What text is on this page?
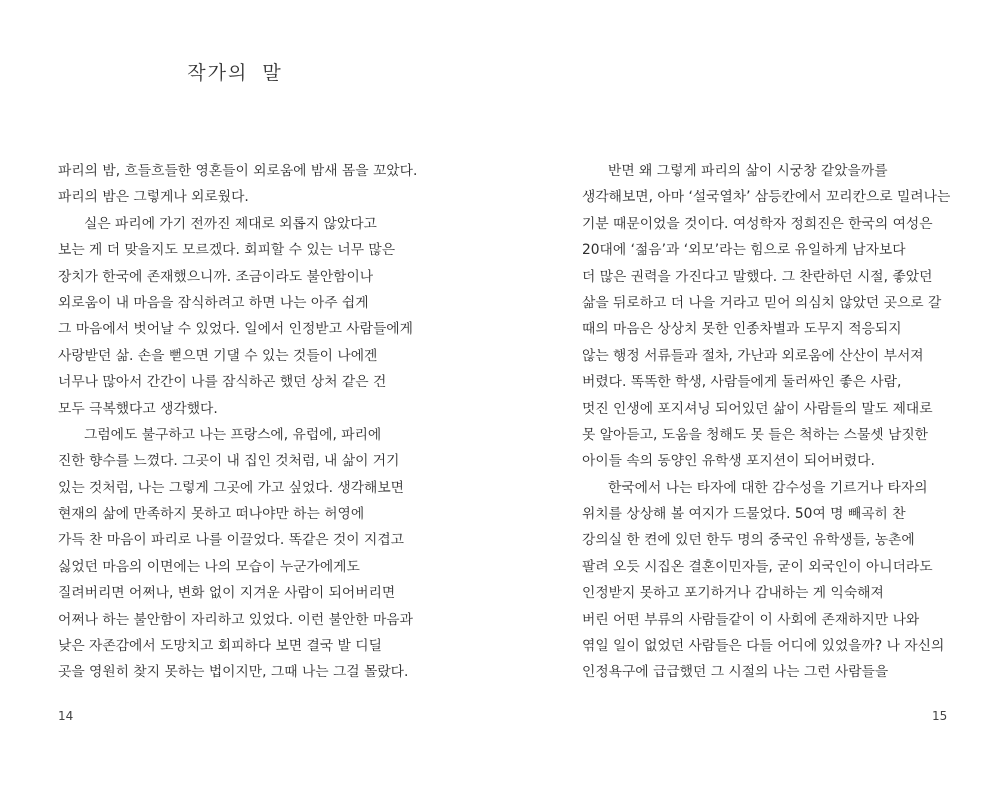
작가의 말
파리의 밤, 흐들흐들한 영혼들이 외로움에 밤새 몸을 꼬았다.
파리의 밤은 그렇게나 외로웠다.
실은 파리에 가기 전까진 제대로 외롭지 않았다고
보는 게 더 맞을지도 모르겠다. 회피할 수 있는 너무 많은
장치가 한국에 존재했으니까. 조금이라도 불안함이나
외로움이 내 마음을 잠식하려고 하면 나는 아주 쉽게
그 마음에서 벗어날 수 있었다. 일에서 인정받고 사람들에게
사랑받던 삶. 손을 뻗으면 기댈 수 있는 것들이 나에겐
너무나 많아서 간간이 나를 잠식하곤 했던 상처 같은 건
모두 극복했다고 생각했다.
그럼에도 불구하고 나는 프랑스에, 유럽에, 파리에
진한 향수를 느꼈다. 그곳이 내 집인 것처럼, 내 삶이 거기
있는 것처럼, 나는 그렇게 그곳에 가고 싶었다. 생각해보면
현재의 삶에 만족하지 못하고 떠나야만 하는 허영에
가득 찬 마음이 파리로 나를 이끌었다. 똑같은 것이 지겹고
싫었던 마음의 이면에는 나의 모습이 누군가에게도
질려버리면 어쩌나, 변화 없이 지겨운 사람이 되어버리면
어쩌나 하는 불안함이 자리하고 있었다. 이런 불안한 마음과
낮은 자존감에서 도망치고 회피하다 보면 결국 발 디딜
곳을 영원히 찾지 못하는 법이지만, 그때 나는 그걸 몰랐다.
반면 왜 그렇게 파리의 삶이 시궁창 같았을까를
생각해보면, 아마 ‘설국열차’ 삼등칸에서 꼬리칸으로 밀려나는
기분 때문이었을 것이다. 여성학자 정희진은 한국의 여성은
20대에 ‘젊음’과 ‘외모’라는 힘으로 유일하게 남자보다
더 많은 권력을 가진다고 말했다. 그 찬란하던 시절, 좋았던
삶을 뒤로하고 더 나을 거라고 믿어 의심치 않았던 곳으로 갈
때의 마음은 상상치 못한 인종차별과 도무지 적응되지
않는 행정 서류들과 절차, 가난과 외로움에 산산이 부서져
버렸다. 똑똑한 학생, 사람들에게 둘러싸인 좋은 사람,
멋진 인생에 포지셔닝 되어있던 삶이 사람들의 말도 제대로
못 알아듣고, 도움을 청해도 못 들은 척하는 스물셋 남짓한
아이들 속의 동양인 유학생 포지션이 되어버렸다.
한국에서 나는 타자에 대한 감수성을 기르거나 타자의
위치를 상상해 볼 여지가 드물었다. 50여 명 빼곡히 찬
강의실 한 켠에 있던 한두 명의 중국인 유학생들, 농촌에
팔려 오듯 시집온 결혼이민자들, 굳이 외국인이 아니더라도
인정받지 못하고 포기하거나 감내하는 게 익숙해져
버린 어떤 부류의 사람들같이 이 사회에 존재하지만 나와
엮일 일이 없었던 사람들은 다들 어디에 있었을까? 나 자신의
인정욕구에 급급했던 그 시절의 나는 그런 사람들을
14	15
